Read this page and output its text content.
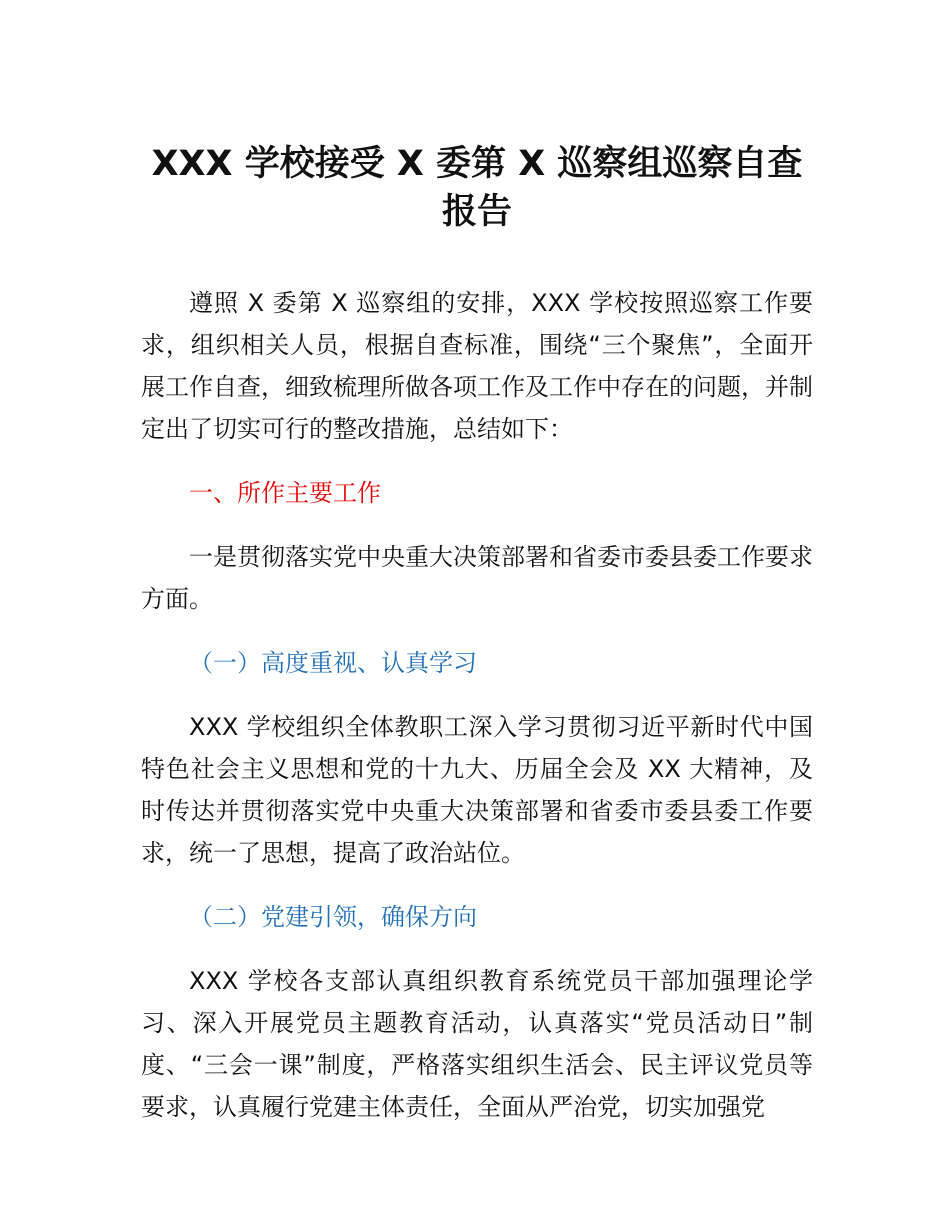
XXX 学校接受 X 委第 X 巡察组巡察自查报告

遵照 X 委第 X 巡察组的安排，XXX 学校按照巡察工作要求，组织相关人员，根据自查标准，围绕“三个聚焦”，全面开展工作自查，细致梳理所做各项工作及工作中存在的问题，并制定出了切实可行的整改措施，总结如下：

一、所作主要工作

一是贯彻落实党中央重大决策部署和省委市委县委工作要求方面。

（一）高度重视、认真学习

XXX 学校组织全体教职工深入学习贯彻习近平新时代中国特色社会主义思想和党的十九大、历届全会及 XX 大精神，及时传达并贯彻落实党中央重大决策部署和省委市委县委工作要求，统一了思想，提高了政治站位。

（二）党建引领，确保方向

XXX 学校各支部认真组织教育系统党员干部加强理论学习、深入开展党员主题教育活动，认真落实“党员活动日”制度、“三会一课”制度，严格落实组织生活会、民主评议党员等要求，认真履行党建主体责任，全面从严治党，切实加强党
